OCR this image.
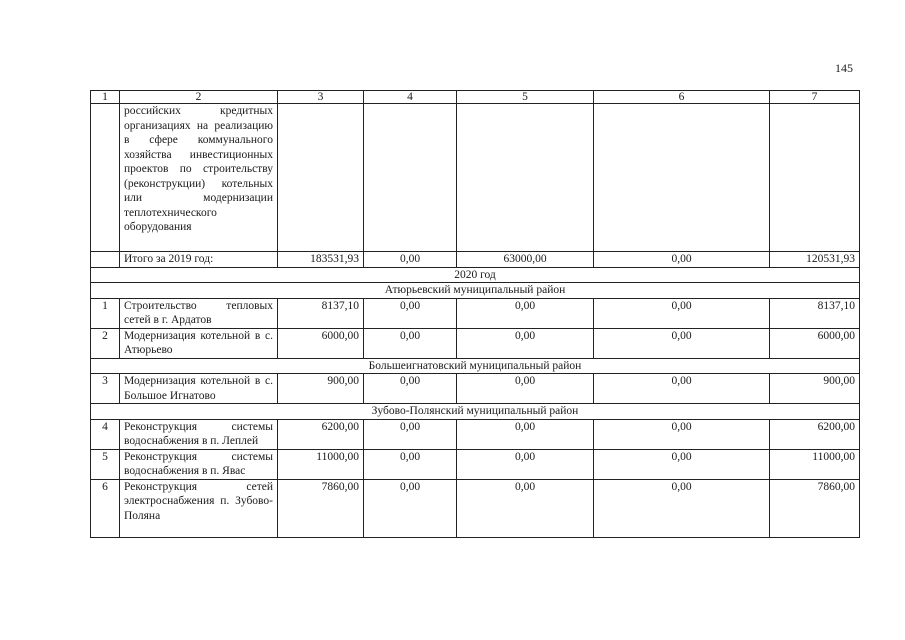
145
1	2	3	4	5	6	7
	российских кредитных организациях на реализацию в сфере коммунального хозяйства инвестиционных проектов по строительству (реконструкции) котельных или модернизации теплотехнического оборудования					
	Итого за 2019 год:	183531,93	0,00	63000,00	0,00	120531,93
2020 год						
Атюрьевский муниципальный район						
1	Строительство тепловых сетей в г. Ардатов	8137,10	0,00	0,00	0,00	8137,10
2	Модернизация котельной в с. Атюрьево	6000,00	0,00	0,00	0,00	6000,00
Большеигнатовский муниципальный район						
3	Модернизация котельной в с. Большое Игнатово	900,00	0,00	0,00	0,00	900,00
Зубово-Полянский муниципальный район						
4	Реконструкция системы водоснабжения в п. Леплей	6200,00	0,00	0,00	0,00	6200,00
5	Реконструкция системы водоснабжения в п. Явас	11000,00	0,00	0,00	0,00	11000,00
6	Реконструкция сетей электроснабжения п. Зубово-Поляна	7860,00	0,00	0,00	0,00	7860,00
